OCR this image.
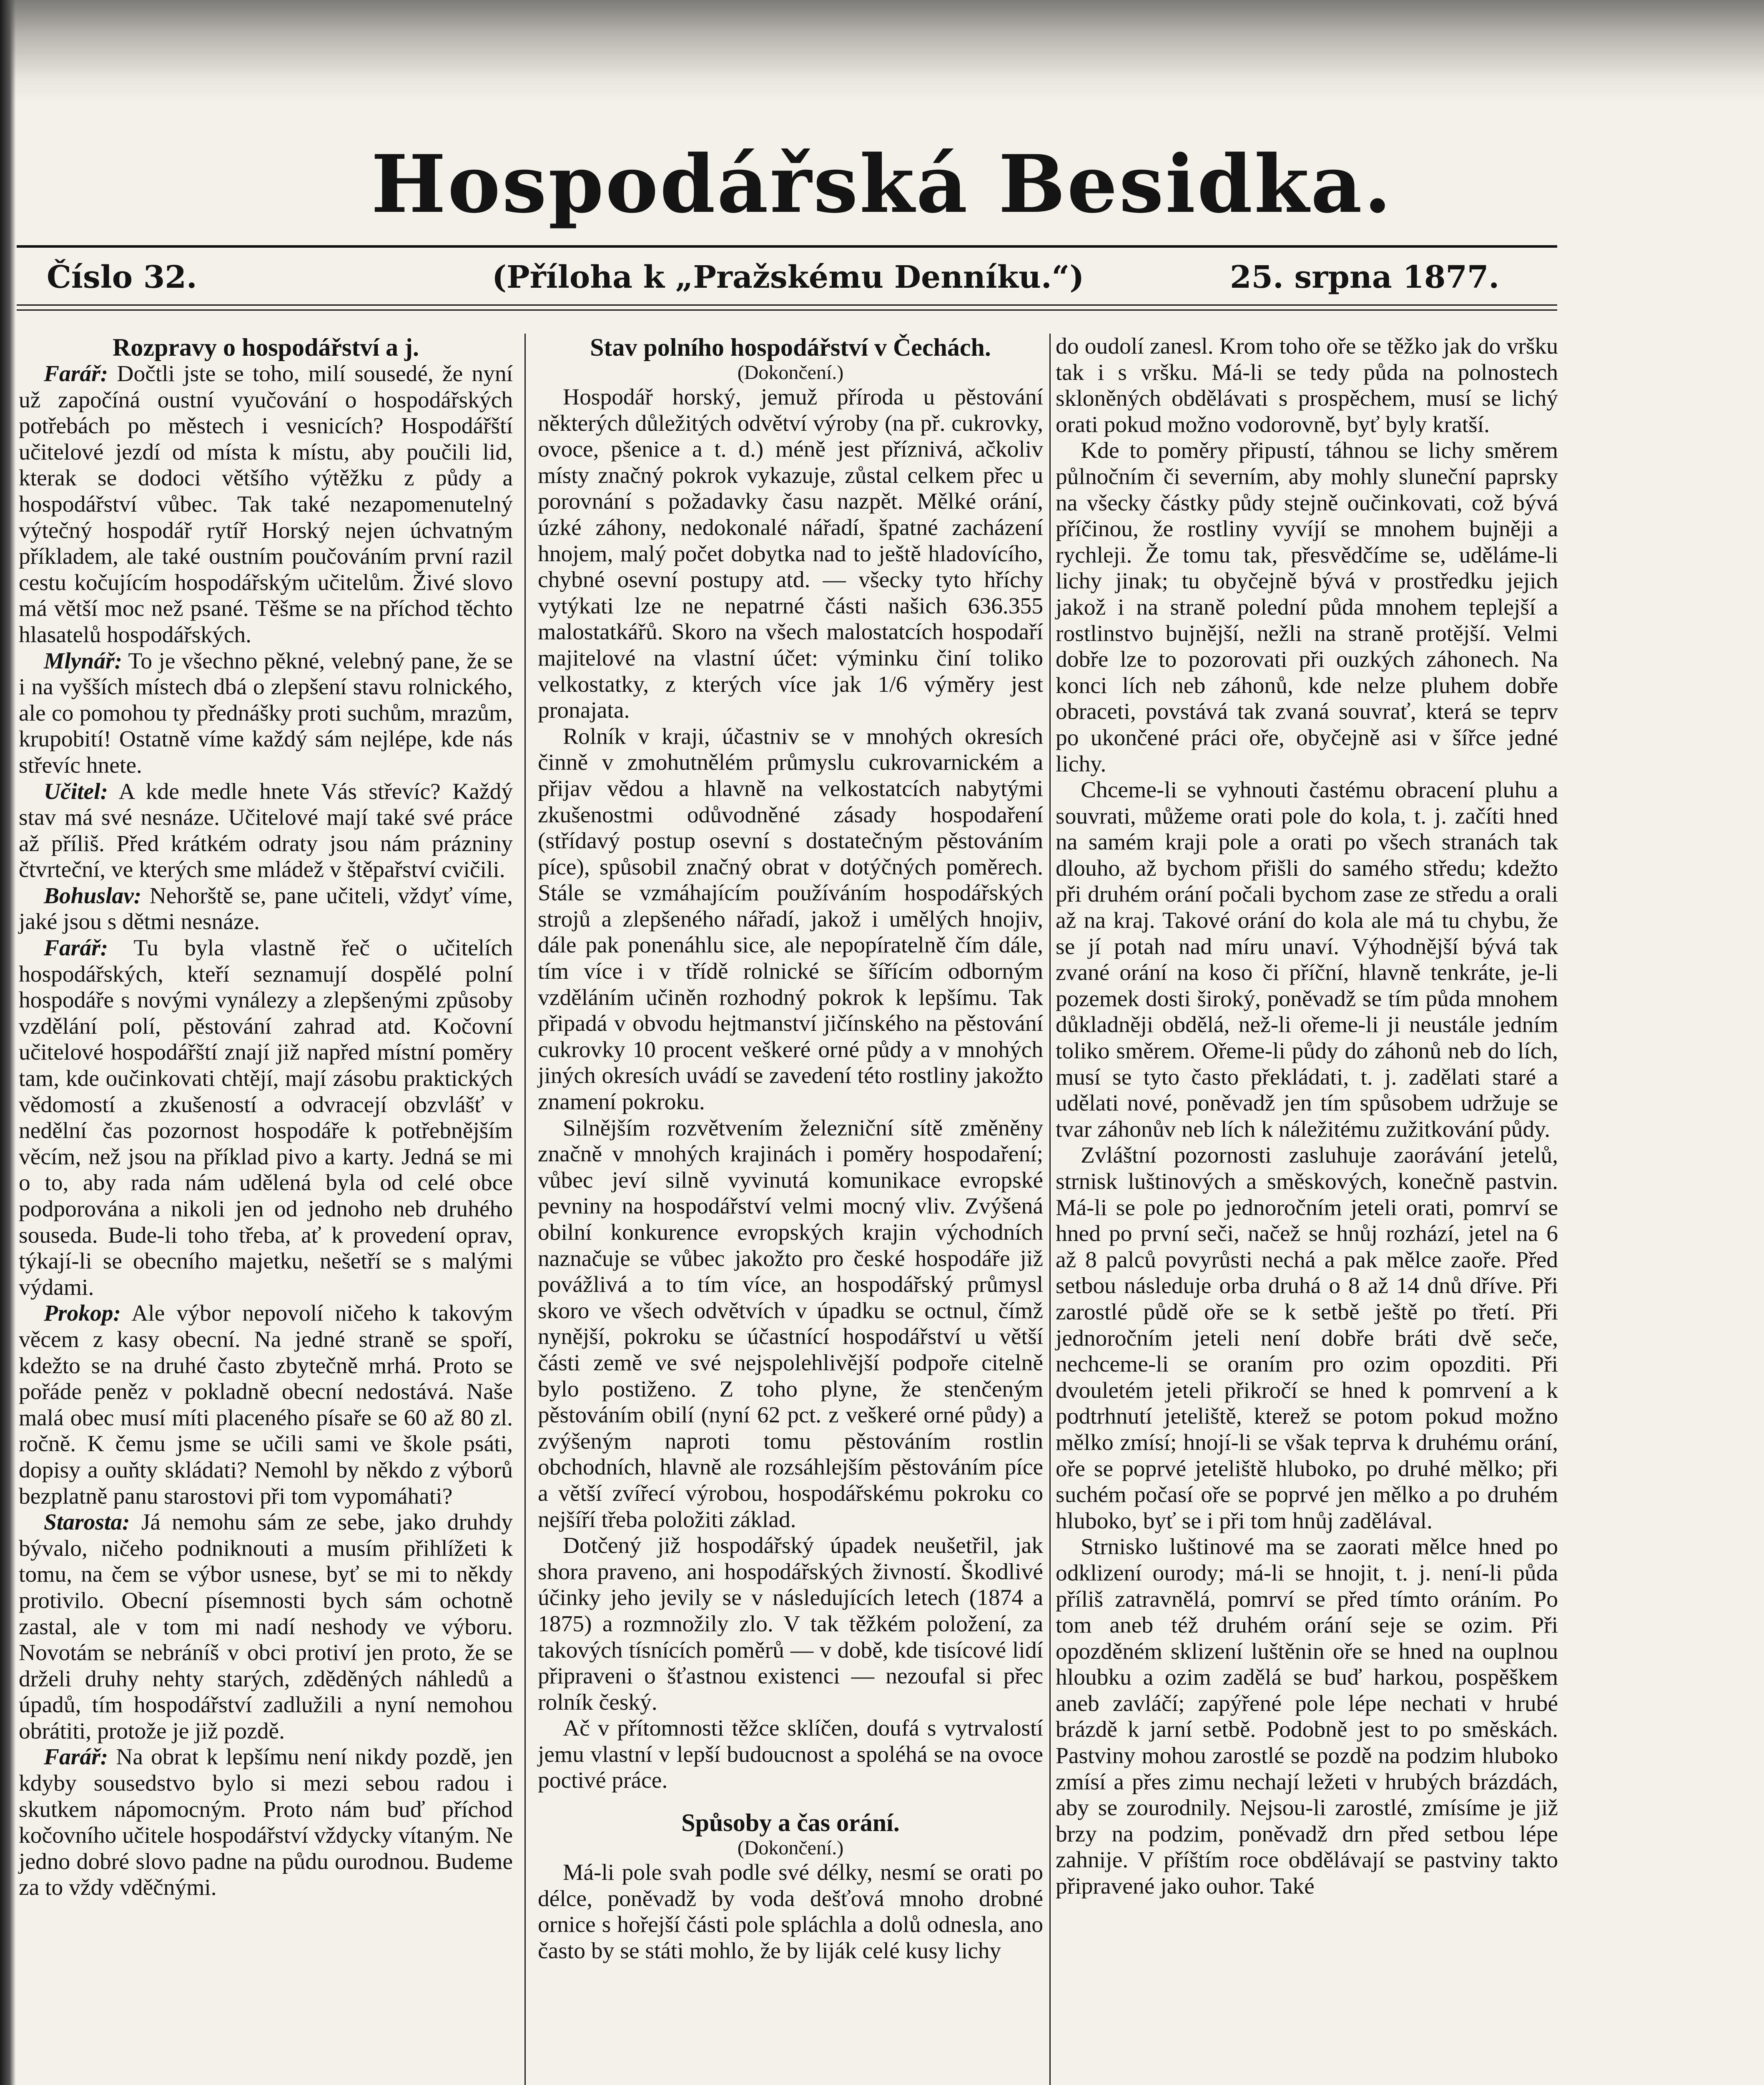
Hospodářská Besidka.
Číslo 32.	(Příloha k „Pražskému Denníku.“)	25. srpna 1877.
Rozpravy o hospodářství a j.

Farář: Dočtli jste se toho, milí sousedé, že nyní už započíná oustní vyučování o hospodářských potřebách po městech i vesnicích? Hospodářští učitelové jezdí od místa k místu, aby poučili lid, kterak se dodoci většího výtěžku z půdy a hospodářství vůbec. Tak také nezapomenutelný výtečný hospodář rytíř Horský nejen úchvatným příkladem, ale také oustním poučováním první razil cestu kočujícím hospodářským učitelům. Živé slovo má větší moc než psané. Těšme se na příchod těchto hlasatelů hospodářských.

Mlynář: To je všechno pěkné, velebný pane, že se i na vyšších místech dbá o zlepšení stavu rolnického, ale co pomohou ty přednášky proti suchům, mrazům, krupobití! Ostatně víme každý sám nejlépe, kde nás střevíc hnete.

Učitel: A kde medle hnete Vás střevíc? Každý stav má své nesnáze. Učitelové mají také své práce až příliš. Před krátkém odraty jsou nám prázniny čtvrteční, ve kterých sme mládež v štěpařství cvičili.

Bohuslav: Nehorště se, pane učiteli, vždyť víme, jaké jsou s dětmi nesnáze.

Farář: Tu byla vlastně řeč o učitelích hospodářských, kteří seznamují dospělé polní hospodáře s novými vynálezy a zlepšenými způsoby vzdělání polí, pěstování zahrad atd. Kočovní učitelové hospodářští znají již napřed místní poměry tam, kde oučinkovati chtějí, mají zásobu praktických vědomostí a zkušeností a odvracejí obzvlášť v nedělní čas pozornost hospodáře k potřebnějším věcím, než jsou na příklad pivo a karty. Jedná se mi o to, aby rada nám udělená byla od celé obce podporována a nikoli jen od jednoho neb druhého souseda. Bude-li toho třeba, ať k provedení oprav, týkají-li se obecního majetku, nešetří se s malými výdami.

Prokop: Ale výbor nepovolí ničeho k takovým věcem z kasy obecní. Na jedné straně se spoří, kdežto se na druhé často zbytečně mrhá. Proto se pořáde peněz v pokladně obecní nedostává. Naše malá obec musí míti placeného písaře se 60 až 80 zl. ročně. K čemu jsme se učili sami ve škole psáti, dopisy a ouňty skládati? Nemohl by někdo z výborů bezplatně panu starostovi při tom vypomáhati?

Starosta: Já nemohu sám ze sebe, jako druhdy bývalo, ničeho podniknouti a musím přihlížeti k tomu, na čem se výbor usnese, byť se mi to někdy protivilo. Obecní písemnosti bych sám ochotně zastal, ale v tom mi nadí neshody ve výboru. Novotám se nebráníš v obci protiví jen proto, že se drželi druhy nehty starých, zděděných náhledů a úpadů, tím hospodářství zadlužili a nyní nemohou obrátiti, protože je již pozdě.

Farář: Na obrat k lepšímu není nikdy pozdě, jen kdyby sousedstvo bylo si mezi sebou radou i skutkem nápomocným. Proto nám buď příchod kočovního učitele hospodářství vždycky vítaným. Ne jedno dobré slovo padne na půdu ourodnou. Budeme za to vždy vděčnými.

Stav polního hospodářství v Čechách.
(Dokončení.)

Hospodář horský, jemuž příroda u pěstování některých důležitých odvětví výroby (na př. cukrovky, ovoce, pšenice a t. d.) méně jest příznivá, ačkoliv místy značný pokrok vykazuje, zůstal celkem přec u porovnání s požadavky času nazpět. Mělké orání, úzké záhony, nedokonalé nářadí, špatné zacházení hnojem, malý počet dobytka nad to ještě hladovícího, chybné osevní postupy atd. — všecky tyto hříchy vytýkati lze ne nepatrné části našich 636.355 malostatkářů. Skoro na všech malostatcích hospodaří majitelové na vlastní účet: výminku činí toliko velkostatky, z kterých více jak 1/6 výměry jest pronajata.

Rolník v kraji, účastniv se v mnohých okresích činně v zmohutnělém průmyslu cukrovarnickém a přijav vědou a hlavně na velkostatcích nabytými zkušenostmi odůvodněné zásady hospodaření (střídavý postup osevní s dostatečným pěstováním píce), spůsobil značný obrat v dotýčných poměrech. Stále se vzmáhajícím používáním hospodářských strojů a zlepšeného nářadí, jakož i umělých hnojiv, dále pak ponenáhlu sice, ale nepopíratelně čím dále, tím více i v třídě rolnické se šířícím odborným vzděláním učiněn rozhodný pokrok k lepšímu. Tak připadá v obvodu hejtmanství jičínského na pěstování cukrovky 10 procent veškeré orné půdy a v mnohých jiných okresích uvádí se zavedení této rostliny jakožto znamení pokroku.

Silnějším rozvětvením železniční sítě změněny značně v mnohých krajinách i poměry hospodaření; vůbec jeví silně vyvinutá komunikace evropské pevniny na hospodářství velmi mocný vliv. Zvýšená obilní konkurence evropských krajin východních naznačuje se vůbec jakožto pro české hospodáře již povážlivá a to tím více, an hospodářský průmysl skoro ve všech odvětvích v úpadku se octnul, čímž nynější, pokroku se účastnící hospodářství u větší části země ve své nejspolehlivější podpoře citelně bylo postiženo. Z toho plyne, že stenčeným pěstováním obilí (nyní 62 pct. z veškeré orné půdy) a zvýšeným naproti tomu pěstováním rostlin obchodních, hlavně ale rozsáhlejším pěstováním píce a větší zvířecí výrobou, hospodářskému pokroku co nejšíří třeba položiti základ.

Dotčený již hospodářský úpadek neušetřil, jak shora praveno, ani hospodářských živností. Škodlivé účinky jeho jevily se v následujících letech (1874 a 1875) a rozmnožily zlo. V tak těžkém položení, za takových tísnících poměrů — v době, kde tisícové lidí připraveni o šťastnou existenci — nezoufal si přec rolník český.

Ač v přítomnosti těžce sklíčen, doufá s vytrvalostí jemu vlastní v lepší budoucnost a spoléhá se na ovoce poctivé práce.

Spůsoby a čas orání.
(Dokončení.)

Má-li pole svah podle své délky, nesmí se orati po délce, poněvadž by voda dešťová mnoho drobné ornice s hořejší části pole spláchla a dolů odnesla, ano často by se státi mohlo, že by liják celé kusy lichy

do oudolí zanesl. Krom toho oře se těžko jak do vršku tak i s vršku. Má-li se tedy půda na polnostech skloněných obdělávati s prospěchem, musí se lichý orati pokud možno vodorovně, byť byly kratší.

Kde to poměry připustí, táhnou se lichy směrem půlnočním či severním, aby mohly sluneční paprsky na všecky částky půdy stejně oučinkovati, což bývá příčinou, že rostliny vyvíjí se mnohem bujněji a rychleji. Že tomu tak, přesvědčíme se, uděláme-li lichy jinak; tu obyčejně bývá v prostředku jejich jakož i na straně polední půda mnohem teplejší a rostlinstvo bujnější, nežli na straně protější. Velmi dobře lze to pozorovati při ouzkých záhonech. Na konci lích neb záhonů, kde nelze pluhem dobře obraceti, povstává tak zvaná souvrať, která se teprv po ukončené práci oře, obyčejně asi v šířce jedné lichy.

Chceme-li se vyhnouti častému obracení pluhu a souvrati, můžeme orati pole do kola, t. j. začíti hned na samém kraji pole a orati po všech stranách tak dlouho, až bychom přišli do samého středu; kdežto při druhém orání počali bychom zase ze středu a orali až na kraj. Takové orání do kola ale má tu chybu, že se jí potah nad míru unaví. Výhodnější bývá tak zvané orání na koso či příční, hlavně tenkráte, je-li pozemek dosti široký, poněvadž se tím půda mnohem důkladněji obdělá, než-li ořeme-li ji neustále jedním toliko směrem. Ořeme-li půdy do záhonů neb do lích, musí se tyto často překládati, t. j. zadělati staré a udělati nové, poněvadž jen tím spůsobem udržuje se tvar záhonův neb lích k náležitému zužitkování půdy.

Zvláštní pozornosti zasluhuje zaorávání jetelů, strnisk luštinových a směskových, konečně pastvin. Má-li se pole po jednoročním jeteli orati, pomrví se hned po první seči, načež se hnůj rozhází, jetel na 6 až 8 palců povyrůsti nechá a pak mělce zaoře. Před setbou následuje orba druhá o 8 až 14 dnů dříve. Při zarostlé půdě oře se k setbě ještě po třetí. Při jednoročním jeteli není dobře bráti dvě seče, nechceme-li se oraním pro ozim opozditi. Při dvouletém jeteli přikročí se hned k pomrvení a k podtrhnutí jeteliště, kterež se potom pokud možno mělko zmísí; hnojí-li se však teprva k druhému orání, oře se poprvé jeteliště hluboko, po druhé mělko; při suchém počasí oře se poprvé jen mělko a po druhém hluboko, byť se i při tom hnůj zadělával.

Strnisko luštinové ma se zaorati mělce hned po odklizení ourody; má-li se hnojit, t. j. není-li půda příliš zatravnělá, pomrví se před tímto oráním. Po tom aneb též druhém orání seje se ozim. Při opozděném sklizení luštěnin oře se hned na ouplnou hloubku a ozim zadělá se buď harkou, pospěškem aneb zavláčí; zapýřené pole lépe nechati v hrubé brázdě k jarní setbě. Podobně jest to po směskách. Pastviny mohou zarostlé se pozdě na podzim hluboko zmísí a přes zimu nechají ležeti v hrubých brázdách, aby se zourodnily. Nejsou-li zarostlé, zmísíme je již brzy na podzim, poněvadž drn před setbou lépe zahnije. V příštím roce obdělávají se pastviny takto připravené jako ouhor. Také
